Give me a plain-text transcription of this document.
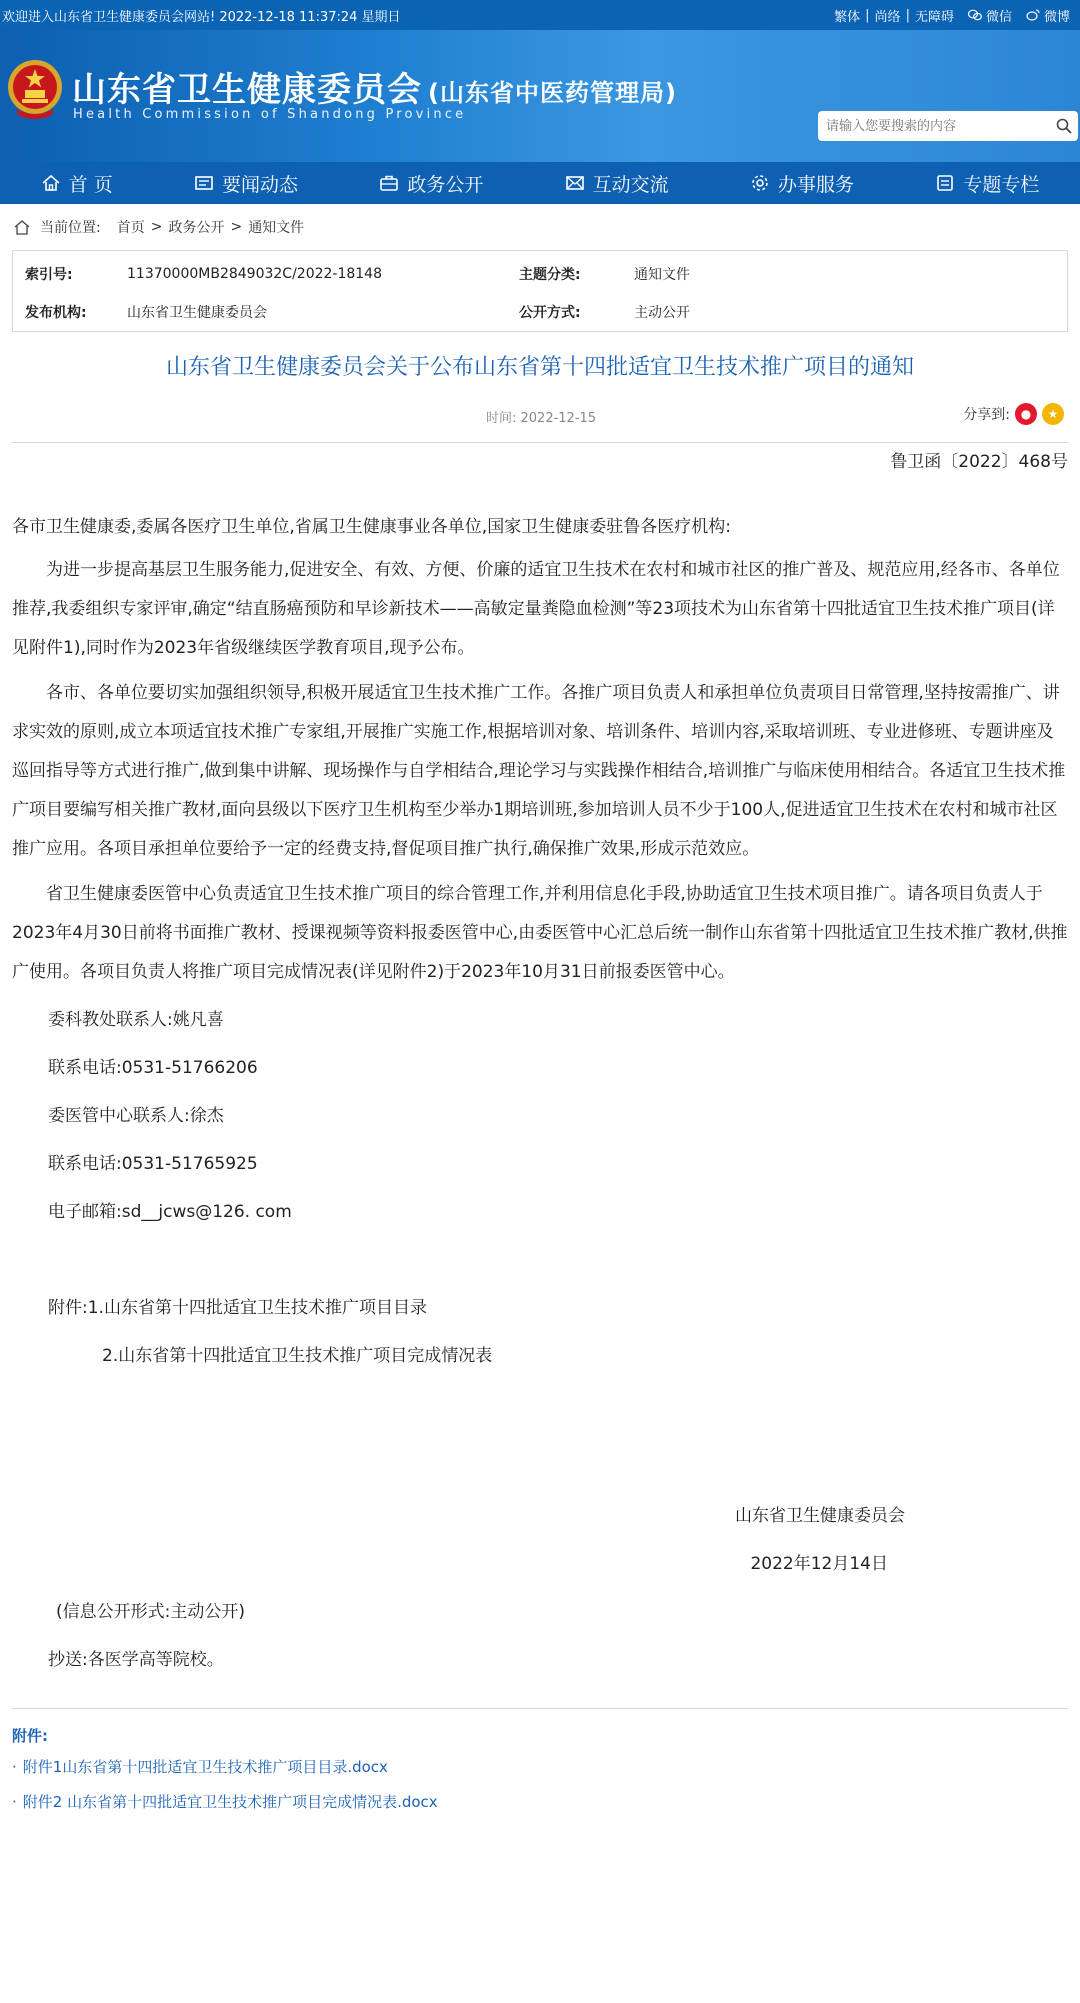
欢迎进入山东省卫生健康委员会网站! 2022-12-18 11:37:24 星期日	繁体 | 尚络 | 无障碍 微信 微博
山东省卫生健康委员会 (山东省中医药管理局)
Health Commission of Shandong Province
请输入您要搜索的内容
首 页	要闻动态	政务公开	互动交流	办事服务	专题专栏
当前位置: 首页 > 政务公开 > 通知文件
索引号:	11370000MB2849032C/2022-18148	主题分类:	通知文件
发布机构:	山东省卫生健康委员会	公开方式:	主动公开
山东省卫生健康委员会关于公布山东省第十四批适宜卫生技术推广项目的通知
时间: 2022-12-15	分享到: ●	★

鲁卫函〔2022〕468号

各市卫生健康委,委属各医疗卫生单位,省属卫生健康事业各单位,国家卫生健康委驻鲁各医疗机构:

为进一步提高基层卫生服务能力,促进安全、有效、方便、价廉的适宜卫生技术在农村和城市社区的推广普及、规范应用,经各市、各单位推荐,我委组织专家评审,确定“结直肠癌预防和早诊新技术——高敏定量粪隐血检测”等23项技术为山东省第十四批适宜卫生技术推广项目(详见附件1),同时作为2023年省级继续医学教育项目,现予公布。

各市、各单位要切实加强组织领导,积极开展适宜卫生技术推广工作。各推广项目负责人和承担单位负责项目日常管理,坚持按需推广、讲求实效的原则,成立本项适宜技术推广专家组,开展推广实施工作,根据培训对象、培训条件、培训内容,采取培训班、专业进修班、专题讲座及巡回指导等方式进行推广,做到集中讲解、现场操作与自学相结合,理论学习与实践操作相结合,培训推广与临床使用相结合。各适宜卫生技术推广项目要编写相关推广教材,面向县级以下医疗卫生机构至少举办1期培训班,参加培训人员不少于100人,促进适宜卫生技术在农村和城市社区推广应用。各项目承担单位要给予一定的经费支持,督促项目推广执行,确保推广效果,形成示范效应。

省卫生健康委医管中心负责适宜卫生技术推广项目的综合管理工作,并利用信息化手段,协助适宜卫生技术项目推广。请各项目负责人于2023年4月30日前将书面推广教材、授课视频等资料报委医管中心,由委医管中心汇总后统一制作山东省第十四批适宜卫生技术推广教材,供推广使用。各项目负责人将推广项目完成情况表(详见附件2)于2023年10月31日前报委医管中心。

委科教处联系人:姚凡喜

联系电话:0531-51766206

委医管中心联系人:徐杰

联系电话:0531-51765925

电子邮箱:sd__jcws@126. com

附件:1.山东省第十四批适宜卫生技术推广项目目录

2.山东省第十四批适宜卫生技术推广项目完成情况表

山东省卫生健康委员会

2022年12月14日

(信息公开形式:主动公开)

抄送:各医学高等院校。

附件:
· 附件1山东省第十四批适宜卫生技术推广项目目录.docx
· 附件2 山东省第十四批适宜卫生技术推广项目完成情况表.docx
